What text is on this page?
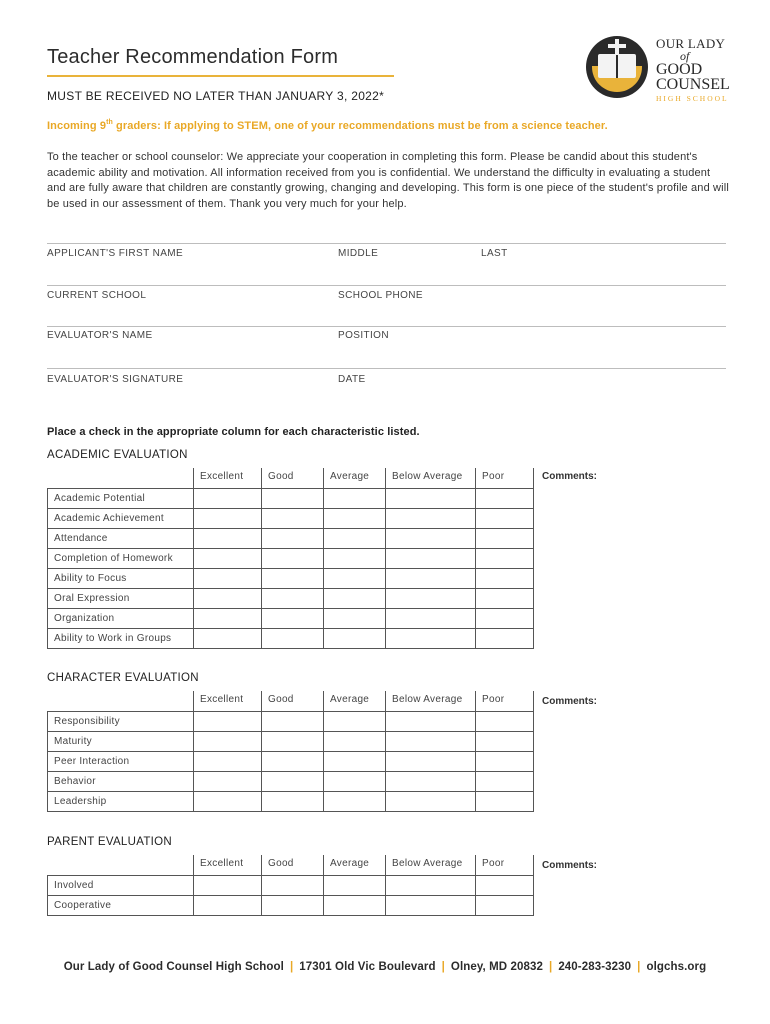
Teacher Recommendation Form
MUST BE RECEIVED NO LATER THAN JANUARY 3, 2022*
Incoming 9th graders: If applying to STEM, one of your recommendations must be from a science teacher.
To the teacher or school counselor: We appreciate your cooperation in completing this form. Please be candid about this student's academic ability and motivation. All information received from you is confidential. We understand the difficulty in evaluating a student and are fully aware that children are constantly growing, changing and developing. This form is one piece of the student's profile and will be used in our assessment of them. Thank you very much for your help.
OUR LADY
of
GOOD
COUNSEL
HIGH SCHOOL
APPLICANT'S FIRST NAME	MIDDLE	LAST
CURRENT SCHOOL	SCHOOL PHONE
EVALUATOR'S NAME	POSITION
EVALUATOR'S SIGNATURE	DATE
Place a check in the appropriate column for each characteristic listed.
ACADEMIC EVALUATION
	Excellent	Good	Average	Below Average	Poor
Academic Potential					
Academic Achievement					
Attendance					
Completion of Homework					
Ability to Focus					
Oral Expression					
Organization					
Ability to Work in Groups					
Comments:
CHARACTER EVALUATION
	Excellent	Good	Average	Below Average	Poor
Responsibility					
Maturity					
Peer Interaction					
Behavior					
Leadership					
Comments:
PARENT EVALUATION
	Excellent	Good	Average	Below Average	Poor
Involved					
Cooperative					
Comments:
Our Lady of Good Counsel High School | 17301 Old Vic Boulevard | Olney, MD 20832 | 240-283-3230 | olgchs.org
